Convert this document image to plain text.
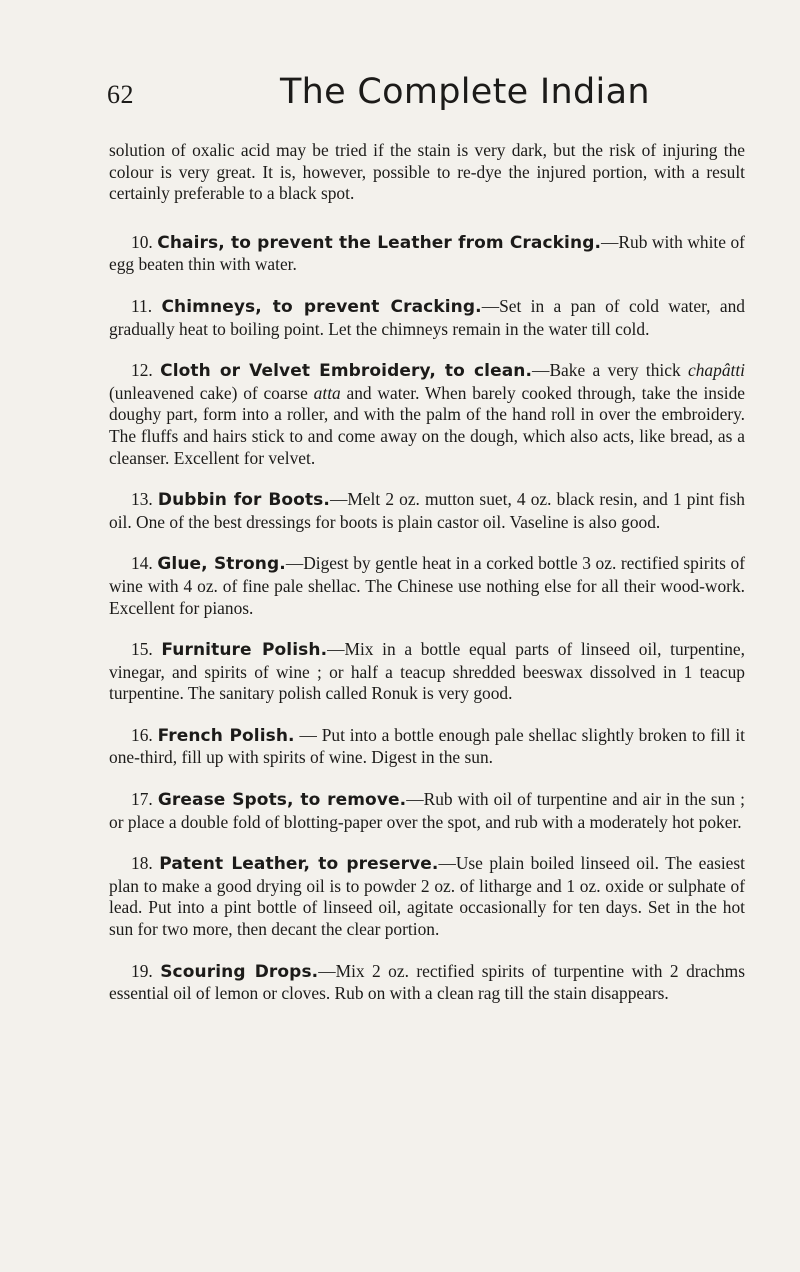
62	The Complete Indian

solution of oxalic acid may be tried if the stain is very dark, but the risk of injuring the colour is very great. It is, however, possible to re-dye the injured portion, with a result certainly preferable to a black spot.

10. Chairs, to prevent the Leather from Cracking.—Rub with white of egg beaten thin with water.

11. Chimneys, to prevent Cracking.—Set in a pan of cold water, and gradually heat to boiling point. Let the chimneys remain in the water till cold.

12. Cloth or Velvet Embroidery, to clean.—Bake a very thick chapâtti (unleavened cake) of coarse atta and water. When barely cooked through, take the inside doughy part, form into a roller, and with the palm of the hand roll in over the embroidery. The fluffs and hairs stick to and come away on the dough, which also acts, like bread, as a cleanser. Excellent for velvet.

13. Dubbin for Boots.—Melt 2 oz. mutton suet, 4 oz. black resin, and 1 pint fish oil. One of the best dressings for boots is plain castor oil. Vaseline is also good.

14. Glue, Strong.—Digest by gentle heat in a corked bottle 3 oz. rectified spirits of wine with 4 oz. of fine pale shellac. The Chinese use nothing else for all their wood-work. Excellent for pianos.

15. Furniture Polish.—Mix in a bottle equal parts of linseed oil, turpentine, vinegar, and spirits of wine ; or half a teacup shredded beeswax dissolved in 1 teacup turpentine. The sanitary polish called Ronuk is very good.

16. French Polish. — Put into a bottle enough pale shellac slightly broken to fill it one-third, fill up with spirits of wine. Digest in the sun.

17. Grease Spots, to remove.—Rub with oil of turpentine and air in the sun ; or place a double fold of blotting-paper over the spot, and rub with a moderately hot poker.

18. Patent Leather, to preserve.—Use plain boiled linseed oil. The easiest plan to make a good drying oil is to powder 2 oz. of litharge and 1 oz. oxide or sulphate of lead. Put into a pint bottle of linseed oil, agitate occasionally for ten days. Set in the hot sun for two more, then decant the clear portion.

19. Scouring Drops.—Mix 2 oz. rectified spirits of turpentine with 2 drachms essential oil of lemon or cloves. Rub on with a clean rag till the stain disappears.
